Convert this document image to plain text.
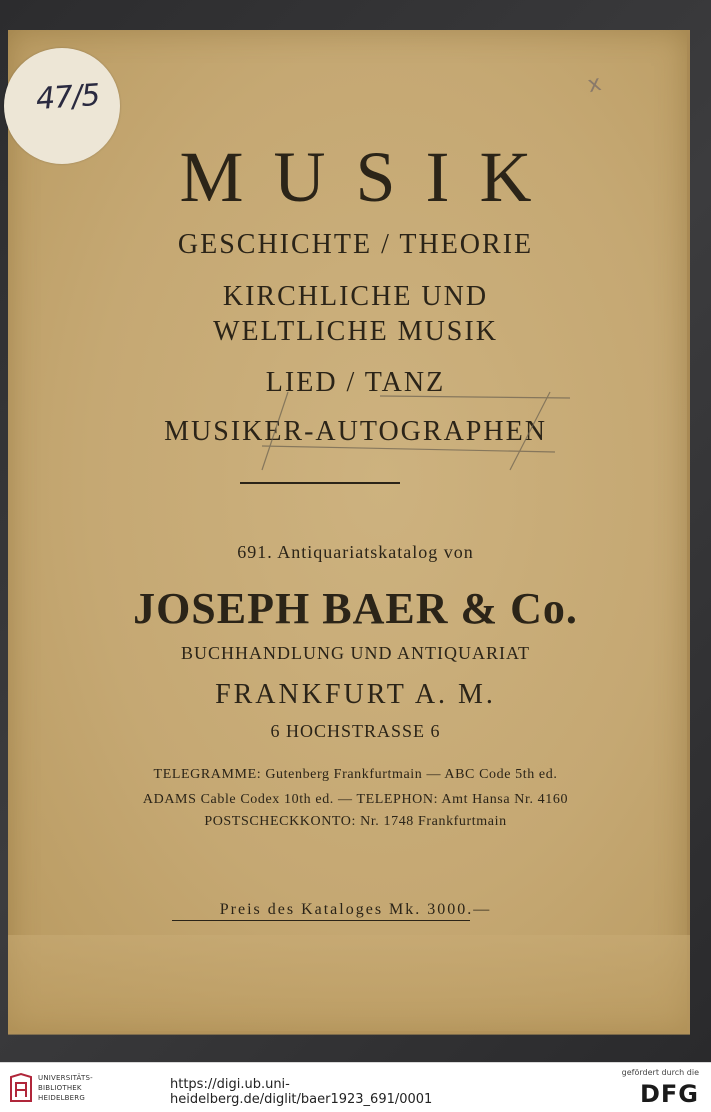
47/5	x
MUSIK
GESCHICHTE / THEORIE
KIRCHLICHE UND
WELTLICHE MUSIK
LIED / TANZ
MUSIKER-AUTOGRAPHEN
691. Antiquariatskatalog von
JOSEPH BAER & Co.
BUCHHANDLUNG UND ANTIQUARIAT
FRANKFURT A. M.
6 HOCHSTRASSE 6
TELEGRAMME: Gutenberg Frankfurtmain — ABC Code 5th ed.
ADAMS Cable Codex 10th ed. — TELEPHON: Amt Hansa Nr. 4160
POSTSCHECKKONTO: Nr. 1748 Frankfurtmain
Preis des Kataloges Mk. 3000.—
UNIVERSITÄTS-
BIBLIOTHEK
HEIDELBERG
https://digi.ub.uni-heidelberg.de/diglit/baer1923_691/0001
gefördert durch die
DFG
